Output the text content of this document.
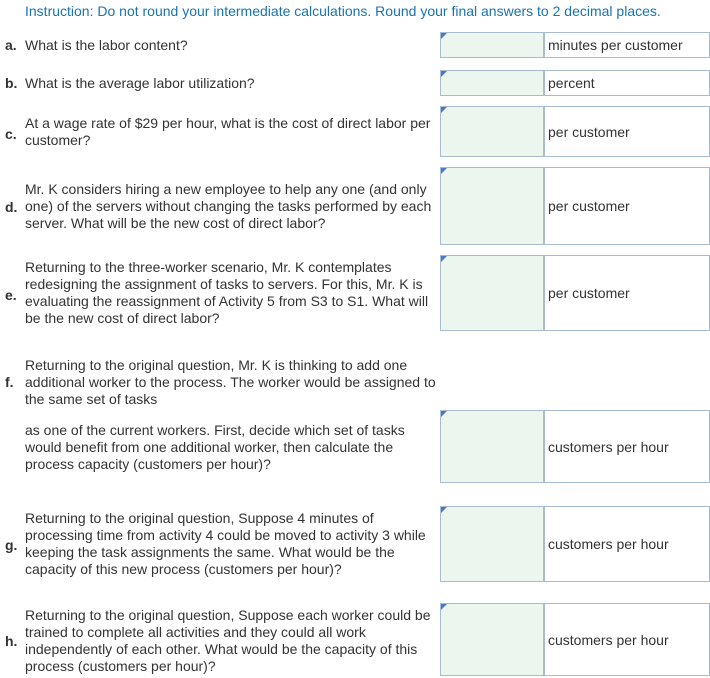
Instruction: Do not round your intermediate calculations. Round your final answers to 2 decimal places.
a. What is the labor content?	minutes per customer
b. What is the average labor utilization?	percent
c.
At a wage rate of $29 per hour, what is the cost of direct labor per customer?
per customer
d.
Mr. K considers hiring a new employee to help any one (and only one) of the servers without changing the tasks performed by each server. What will be the new cost of direct labor?
per customer
e.
Returning to the three-worker scenario, Mr. K contemplates redesigning the assignment of tasks to servers. For this, Mr. K is evaluating the reassignment of Activity 5 from S3 to S1. What will be the new cost of direct labor?
per customer
f.
Returning to the original question, Mr. K is thinking to add one additional worker to the process. The worker would be assigned to the same set of tasks
as one of the current workers. First, decide which set of tasks would benefit from one additional worker, then calculate the process capacity (customers per hour)?
customers per hour
g.
Returning to the original question, Suppose 4 minutes of processing time from activity 4 could be moved to activity 3 while keeping the task assignments the same. What would be the capacity of this new process (customers per hour)?
customers per hour
h.
Returning to the original question, Suppose each worker could be trained to complete all activities and they could all work independently of each other. What would be the capacity of this process (customers per hour)?
customers per hour
